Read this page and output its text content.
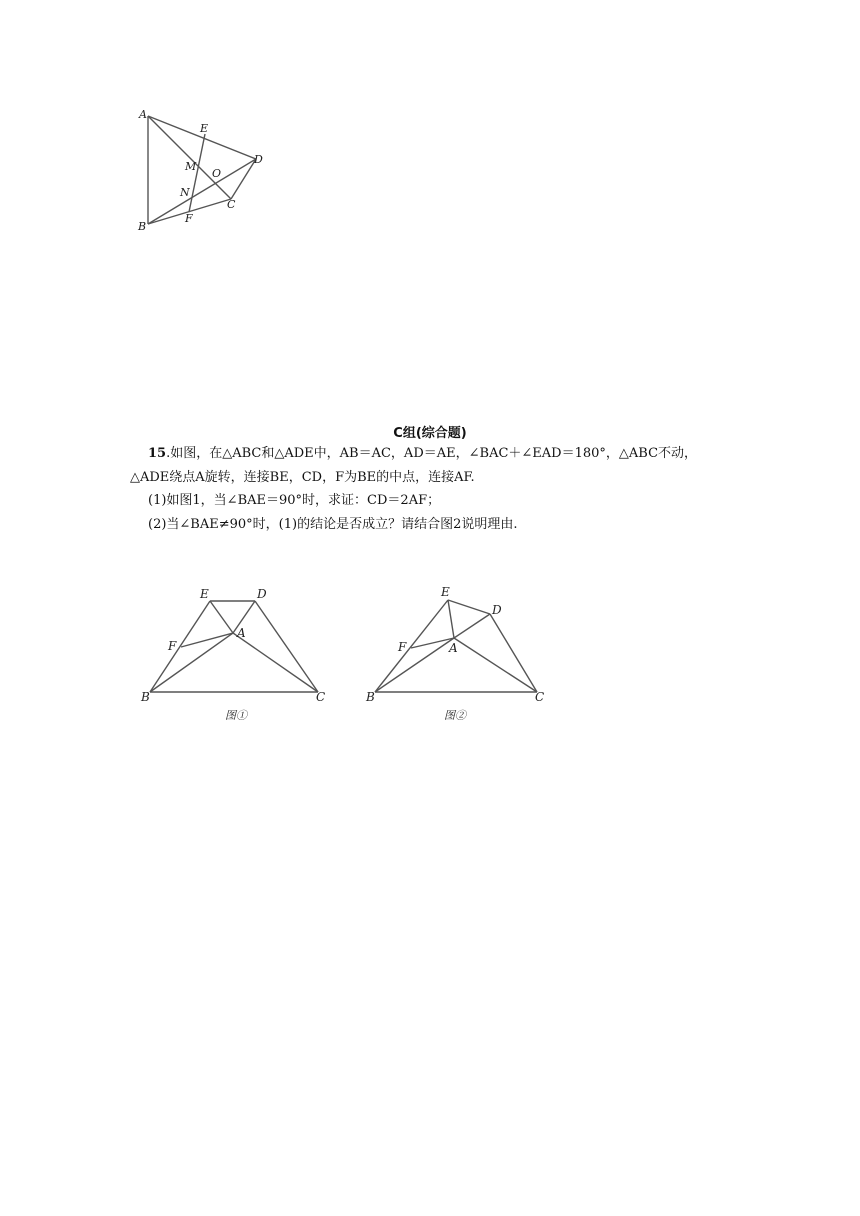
A
E
D
M
O
N
B
F
C
C组(综合题)
15.如图，在△ABC和△ADE中，AB＝AC，AD＝AE，∠BAC＋∠EAD＝180°，△ABC不动，
△ADE绕点A旋转，连接BE，CD，F为BE的中点，连接AF.
(1)如图1，当∠BAE＝90°时，求证：CD＝2AF；
(2)当∠BAE≠90°时，(1)的结论是否成立？请结合图2说明理由.
E	D
F
A
B	C
图①
E
D
F	A
B	C
图②
